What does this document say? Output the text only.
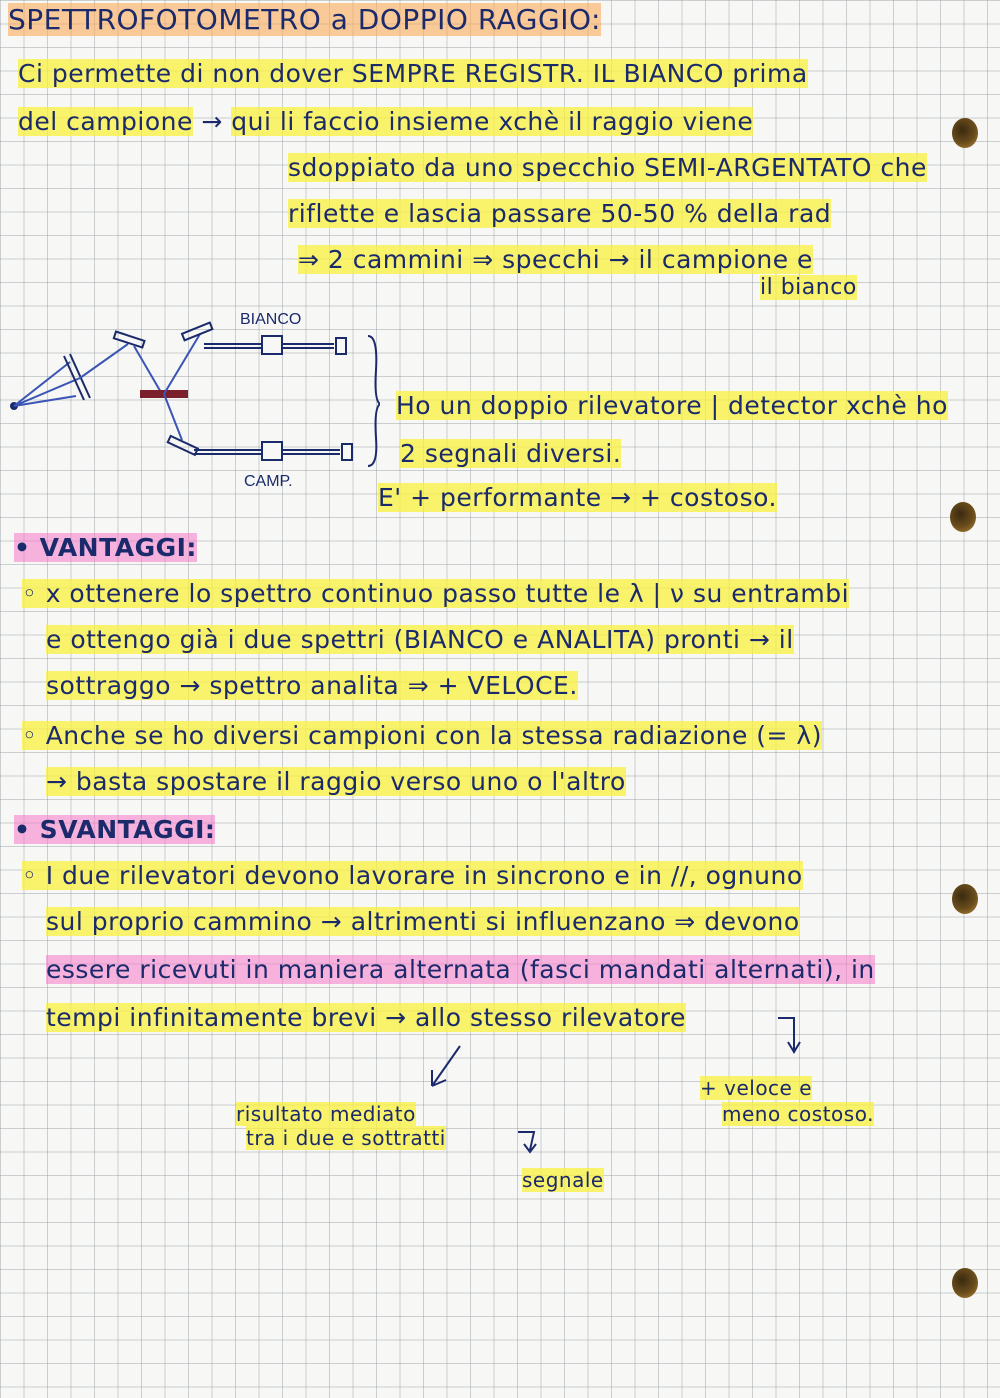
SPETTROFOTOMETRO a DOPPIO RAGGIO:
Ci permette di non dover SEMPRE REGISTR. IL BIANCO prima
del campione → qui li faccio insieme xchè il raggio viene
sdoppiato da uno specchio SEMI-ARGENTATO che
riflette e lascia passare 50-50 % della rad
⇒ 2 cammini ⇒ specchi → il campione e
il bianco
BIANCO
CAMP.
Ho un doppio rilevatore | detector xchè ho
2 segnali diversi.
E' + performante → + costoso.
• VANTAGGI:
◦ x ottenere lo spettro continuo passo tutte le λ | ν su entrambi
e ottengo già i due spettri (BIANCO e ANALITA) pronti → il
sottraggo → spettro analita ⇒ + VELOCE.
◦ Anche se ho diversi campioni con la stessa radiazione (= λ)
→ basta spostare il raggio verso uno o l'altro
• SVANTAGGI:
◦ I due rilevatori devono lavorare in sincrono e in //, ognuno
sul proprio cammino → altrimenti si influenzano ⇒ devono
essere ricevuti in maniera alternata (fasci mandati alternati), in
tempi infinitamente brevi → allo stesso rilevatore
risultato mediato
tra i due e sottratti
segnale
+ veloce e
meno costoso.
